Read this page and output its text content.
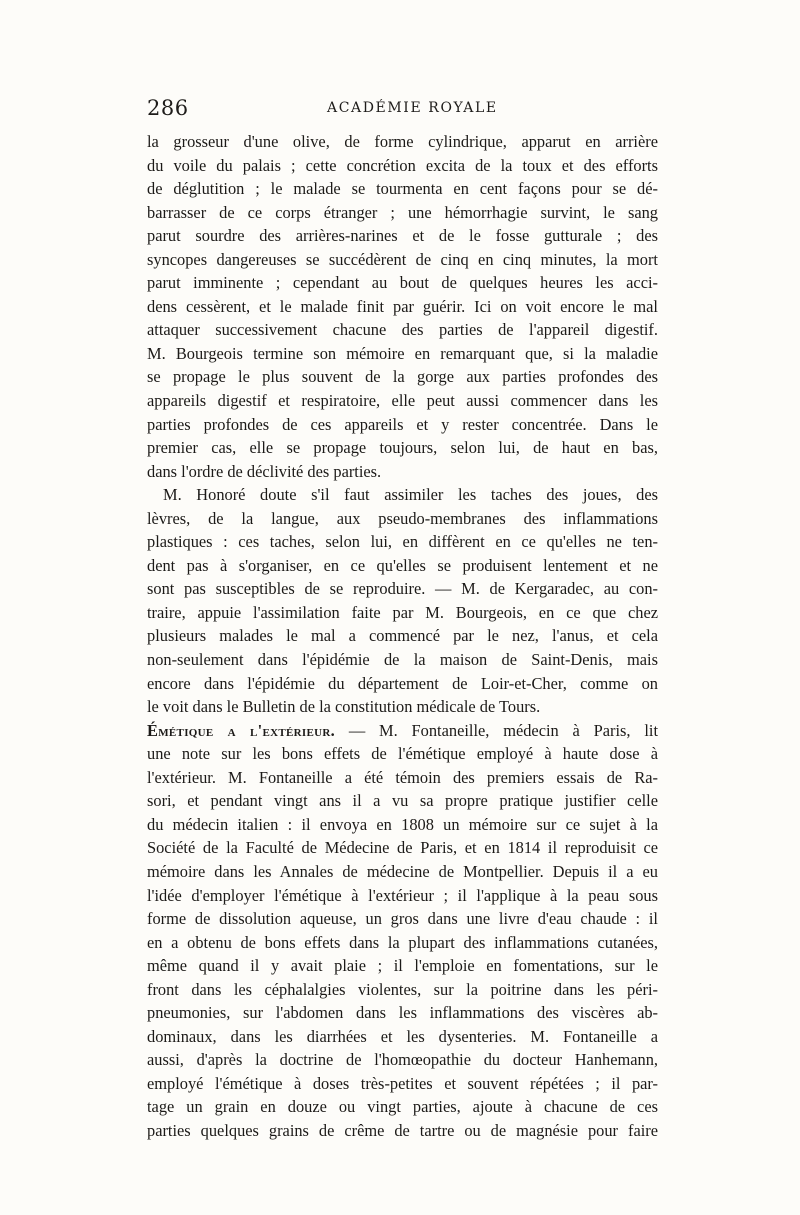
286	ACADÉMIE ROYALE
la grosseur d'une olive, de forme cylindrique, apparut en arrière
du voile du palais ; cette concrétion excita de la toux et des efforts
de déglutition ; le malade se tourmenta en cent façons pour se dé-
barrasser de ce corps étranger ; une hémorrhagie survint, le sang
parut sourdre des arrières-narines et de le fosse gutturale ; des
syncopes dangereuses se succédèrent de cinq en cinq minutes, la mort
parut imminente ; cependant au bout de quelques heures les acci-
dens cessèrent, et le malade finit par guérir. Ici on voit encore le mal
attaquer successivement chacune des parties de l'appareil digestif.
M. Bourgeois termine son mémoire en remarquant que, si la maladie
se propage le plus souvent de la gorge aux parties profondes des
appareils digestif et respiratoire, elle peut aussi commencer dans les
parties profondes de ces appareils et y rester concentrée. Dans le
premier cas, elle se propage toujours, selon lui, de haut en bas,
dans l'ordre de déclivité des parties.
M. Honoré doute s'il faut assimiler les taches des joues, des
lèvres, de la langue, aux pseudo-membranes des inflammations
plastiques : ces taches, selon lui, en diffèrent en ce qu'elles ne ten-
dent pas à s'organiser, en ce qu'elles se produisent lentement et ne
sont pas susceptibles de se reproduire. — M. de Kergaradec, au con-
traire, appuie l'assimilation faite par M. Bourgeois, en ce que chez
plusieurs malades le mal a commencé par le nez, l'anus, et cela
non-seulement dans l'épidémie de la maison de Saint-Denis, mais
encore dans l'épidémie du département de Loir-et-Cher, comme on
le voit dans le Bulletin de la constitution médicale de Tours.
Émétique a l'extérieur. — M. Fontaneille, médecin à Paris, lit
une note sur les bons effets de l'émétique employé à haute dose à
l'extérieur. M. Fontaneille a été témoin des premiers essais de Ra-
sori, et pendant vingt ans il a vu sa propre pratique justifier celle
du médecin italien : il envoya en 1808 un mémoire sur ce sujet à la
Société de la Faculté de Médecine de Paris, et en 1814 il reproduisit ce
mémoire dans les Annales de médecine de Montpellier. Depuis il a eu
l'idée d'employer l'émétique à l'extérieur ; il l'applique à la peau sous
forme de dissolution aqueuse, un gros dans une livre d'eau chaude : il
en a obtenu de bons effets dans la plupart des inflammations cutanées,
même quand il y avait plaie ; il l'emploie en fomentations, sur le
front dans les céphalalgies violentes, sur la poitrine dans les péri-
pneumonies, sur l'abdomen dans les inflammations des viscères ab-
dominaux, dans les diarrhées et les dysenteries. M. Fontaneille a
aussi, d'après la doctrine de l'homœopathie du docteur Hanhemann,
employé l'émétique à doses très-petites et souvent répétées ; il par-
tage un grain en douze ou vingt parties, ajoute à chacune de ces
parties quelques grains de crême de tartre ou de magnésie pour faire
